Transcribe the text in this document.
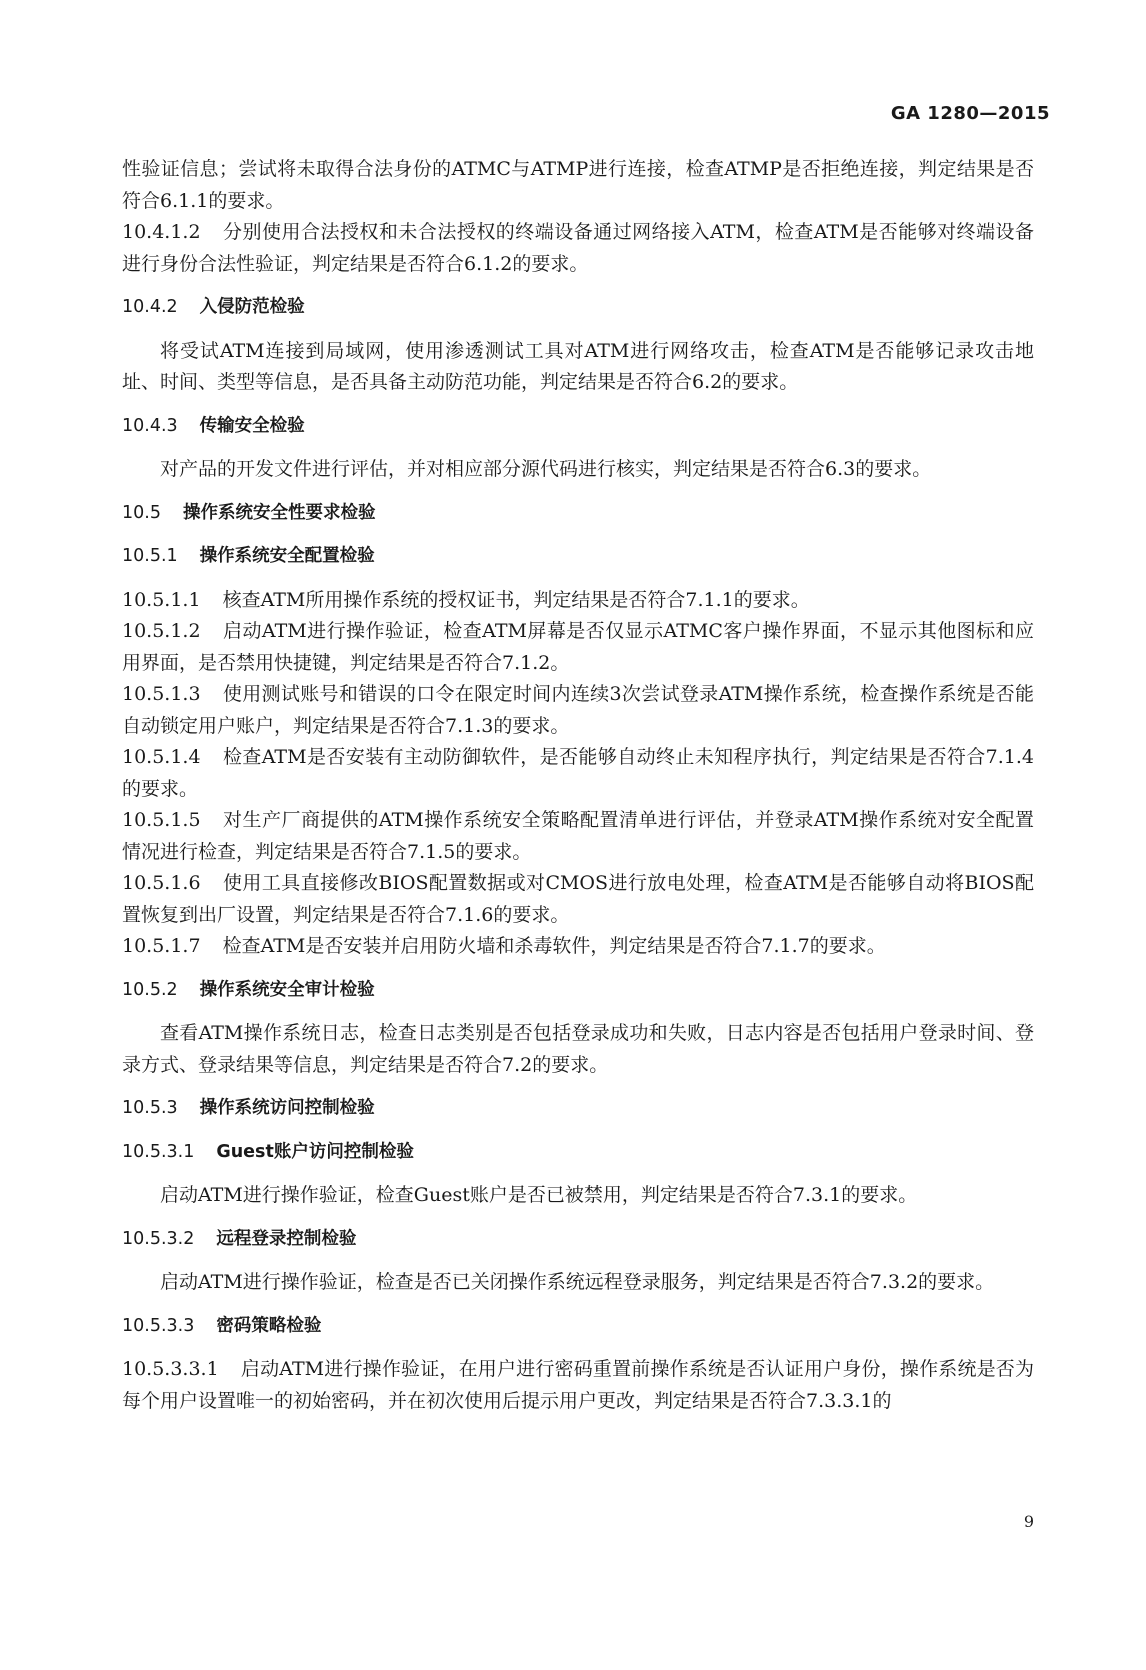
GA 1280—2015
性验证信息；尝试将未取得合法身份的ATMC与ATMP进行连接，检查ATMP是否拒绝连接，判定结果是否符合6.1.1的要求。
10.4.1.2 分别使用合法授权和未合法授权的终端设备通过网络接入ATM，检查ATM是否能够对终端设备进行身份合法性验证，判定结果是否符合6.1.2的要求。
10.4.2 入侵防范检验
将受试ATM连接到局域网，使用渗透测试工具对ATM进行网络攻击，检查ATM是否能够记录攻击地址、时间、类型等信息，是否具备主动防范功能，判定结果是否符合6.2的要求。
10.4.3 传输安全检验
对产品的开发文件进行评估，并对相应部分源代码进行核实，判定结果是否符合6.3的要求。
10.5 操作系统安全性要求检验
10.5.1 操作系统安全配置检验
10.5.1.1 核查ATM所用操作系统的授权证书，判定结果是否符合7.1.1的要求。
10.5.1.2 启动ATM进行操作验证，检查ATM屏幕是否仅显示ATMC客户操作界面，不显示其他图标和应用界面，是否禁用快捷键，判定结果是否符合7.1.2。
10.5.1.3 使用测试账号和错误的口令在限定时间内连续3次尝试登录ATM操作系统，检查操作系统是否能自动锁定用户账户，判定结果是否符合7.1.3的要求。
10.5.1.4 检查ATM是否安装有主动防御软件，是否能够自动终止未知程序执行，判定结果是否符合7.1.4的要求。
10.5.1.5 对生产厂商提供的ATM操作系统安全策略配置清单进行评估，并登录ATM操作系统对安全配置情况进行检查，判定结果是否符合7.1.5的要求。
10.5.1.6 使用工具直接修改BIOS配置数据或对CMOS进行放电处理，检查ATM是否能够自动将BIOS配置恢复到出厂设置，判定结果是否符合7.1.6的要求。
10.5.1.7 检查ATM是否安装并启用防火墙和杀毒软件，判定结果是否符合7.1.7的要求。
10.5.2 操作系统安全审计检验
查看ATM操作系统日志，检查日志类别是否包括登录成功和失败，日志内容是否包括用户登录时间、登录方式、登录结果等信息，判定结果是否符合7.2的要求。
10.5.3 操作系统访问控制检验
10.5.3.1 Guest账户访问控制检验
启动ATM进行操作验证，检查Guest账户是否已被禁用，判定结果是否符合7.3.1的要求。
10.5.3.2 远程登录控制检验
启动ATM进行操作验证，检查是否已关闭操作系统远程登录服务，判定结果是否符合7.3.2的要求。
10.5.3.3 密码策略检验
10.5.3.3.1 启动ATM进行操作验证，在用户进行密码重置前操作系统是否认证用户身份，操作系统是否为每个用户设置唯一的初始密码，并在初次使用后提示用户更改，判定结果是否符合7.3.3.1的
9
